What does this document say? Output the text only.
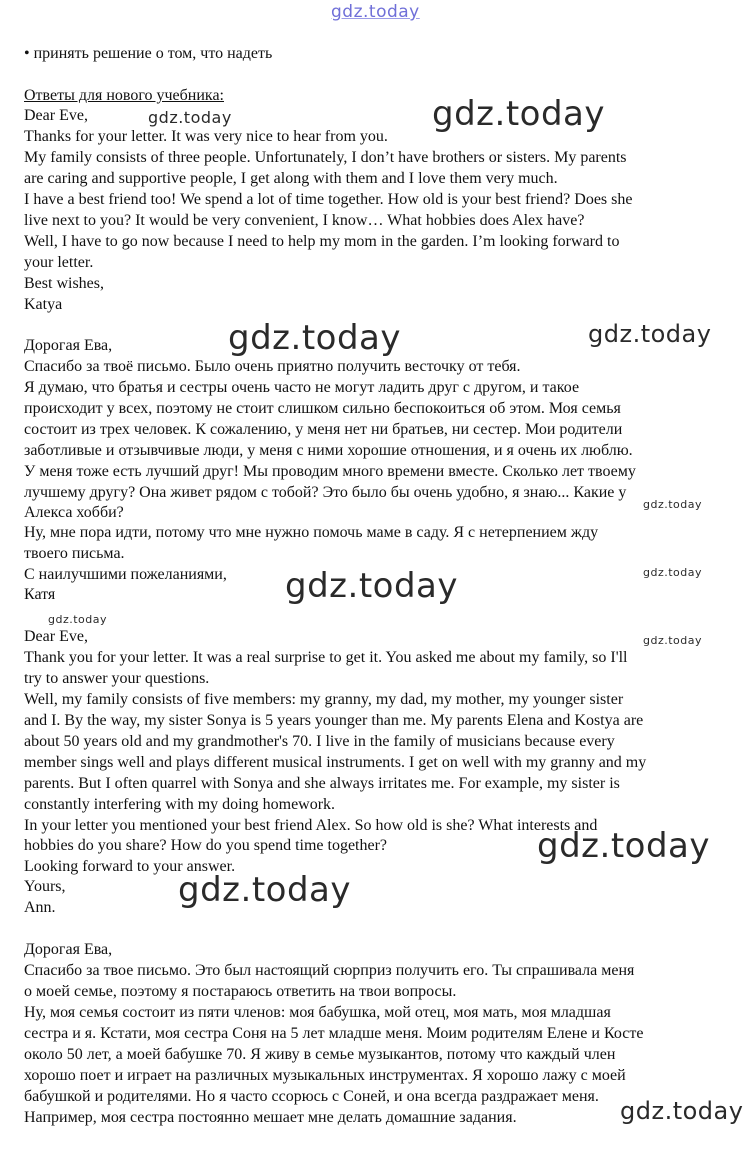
gdz.today
• принять решение о том, что надеть
Ответы для нового учебника:
Dear Eve,
Thanks for your letter. It was very nice to hear from you.
My family consists of three people. Unfortunately, I don’t have brothers or sisters. My parents
are caring and supportive people, I get along with them and I love them very much.
I have a best friend too! We spend a lot of time together. How old is your best friend? Does she
live next to you? It would be very convenient, I know… What hobbies does Alex have?
Well, I have to go now because I need to help my mom in the garden. I’m looking forward to
your letter.
Best wishes,
Katya
Дорогая Ева,
Спасибо за твоё письмо. Было очень приятно получить весточку от тебя.
Я думаю, что братья и сестры очень часто не могут ладить друг с другом, и такое
происходит у всех, поэтому не стоит слишком сильно беспокоиться об этом. Моя семья
состоит из трех человек. К сожалению, у меня нет ни братьев, ни сестер. Мои родители
заботливые и отзывчивые люди, у меня с ними хорошие отношения, и я очень их люблю.
У меня тоже есть лучший друг! Мы проводим много времени вместе. Сколько лет твоему
лучшему другу? Она живет рядом с тобой? Это было бы очень удобно, я знаю... Какие у
Алекса хобби?
Ну, мне пора идти, потому что мне нужно помочь маме в саду. Я с нетерпением жду
твоего письма.
С наилучшими пожеланиями,
Катя
Dear Eve,
Thank you for your letter. It was a real surprise to get it. You asked me about my family, so I'll
try to answer your questions.
Well, my family consists of five members: my granny, my dad, my mother, my younger sister
and I. By the way, my sister Sonya is 5 years younger than me. My parents Elena and Kostya are
about 50 years old and my grandmother's 70. I live in the family of musicians because every
member sings well and plays different musical instruments. I get on well with my granny and my
parents. But I often quarrel with Sonya and she always irritates me. For example, my sister is
constantly interfering with my doing homework.
In your letter you mentioned your best friend Alex. So how old is she? What interests and
hobbies do you share? How do you spend time together?
Looking forward to your answer.
Yours,
Ann.
Дорогая Ева,
Спасибо за твое письмо. Это был настоящий сюрприз получить его. Ты спрашивала меня
о моей семье, поэтому я постараюсь ответить на твои вопросы.
Ну, моя семья состоит из пяти членов: моя бабушка, мой отец, моя мать, моя младшая
сестра и я. Кстати, моя сестра Соня на 5 лет младше меня. Моим родителям Елене и Косте
около 50 лет, а моей бабушке 70. Я живу в семье музыкантов, потому что каждый член
хорошо поет и играет на различных музыкальных инструментах. Я хорошо лажу с моей
бабушкой и родителями. Но я часто ссорюсь с Соней, и она всегда раздражает меня.
Например, моя сестра постоянно мешает мне делать домашние задания.
gdz.today
gdz.today
gdz.today	gdz.today
gdz.today
gdz.today	gdz.today
gdz.today
gdz.today
gdz.today
gdz.today
gdz.today
